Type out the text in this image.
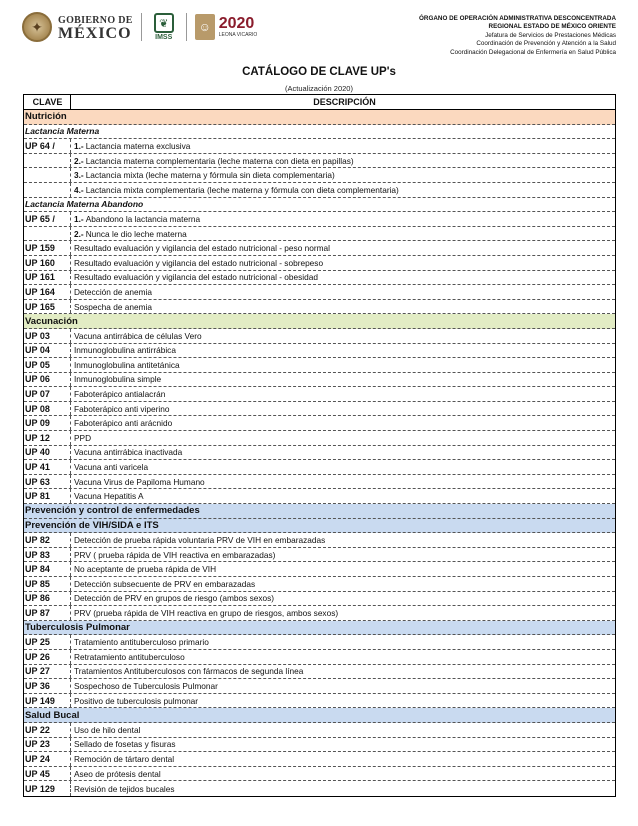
✦	GOBIERNO DE
MÉXICO
❦
IMSS
☺ 2020
LEONA VICARIO
ÓRGANO DE OPERACIÓN ADMINISTRATIVA DESCONCENTRADA
REGIONAL ESTADO DE MÉXICO ORIENTE
Jefatura de Servicios de Prestaciones Médicas
Coordinación de Prevención y Atención a la Salud
Coordinación Delegacional de Enfermería en Salud Pública
CATÁLOGO DE CLAVE UP's
(Actualización 2020)
CLAVE	DESCRIPCIÓN
Nutrición
Lactancia Materna
UP 64 /	1.- Lactancia materna exclusiva
2.- Lactancia materna complementaria (leche materna con dieta en papillas)
3.- Lactancia mixta (leche materna y fórmula sin dieta complementaria)
4.- Lactancia mixta complementaria (leche materna y fórmula con dieta complementaria)
Lactancia Materna Abandono
UP 65 /	1.- Abandono la lactancia materna
2.- Nunca le dio leche materna
UP 159	Resultado evaluación y vigilancia del estado nutricional - peso normal
UP 160	Resultado evaluación y vigilancia del estado nutricional - sobrepeso
UP 161	Resultado evaluación y vigilancia del estado nutricional - obesidad
UP 164	Detección de anemia
UP 165	Sospecha de anemia
Vacunación
UP 03	Vacuna antirrábica de células Vero
UP 04	Inmunoglobulina antirrábica
UP 05	Inmunoglobulina antitetánica
UP 06	Inmunoglobulina simple
UP 07	Faboterápico antialacrán
UP 08	Faboterápico anti viperino
UP 09	Faboterápico anti arácnido
UP 12	PPD
UP 40	Vacuna antirrábica inactivada
UP 41	Vacuna anti varicela
UP 63	Vacuna Virus de Papiloma Humano
UP 81	Vacuna Hepatitis A
Prevención y control de enfermedades
Prevención de VIH/SIDA e ITS
UP 82	Detección de prueba rápida voluntaria PRV de VIH en embarazadas
UP 83	PRV ( prueba rápida de VIH reactiva en embarazadas)
UP 84	No aceptante de prueba rápida de VIH
UP 85	Detección subsecuente de PRV en embarazadas
UP 86	Detección de PRV en grupos de riesgo (ambos sexos)
UP 87	PRV (prueba rápida de VIH reactiva en grupo de riesgos, ambos sexos)
Tuberculosis Pulmonar
UP 25	Tratamiento antituberculoso primario
UP 26	Retratamiento antituberculoso
UP 27	Tratamientos Antituberculosos con fármacos de segunda línea
UP 36	Sospechoso de Tuberculosis Pulmonar
UP 149	Positivo de tuberculosis pulmonar
Salud Bucal
UP 22	Uso de hilo dental
UP 23	Sellado de fosetas y fisuras
UP 24	Remoción de tártaro dental
UP 45	Aseo de prótesis dental
UP 129	Revisión de tejidos bucales
